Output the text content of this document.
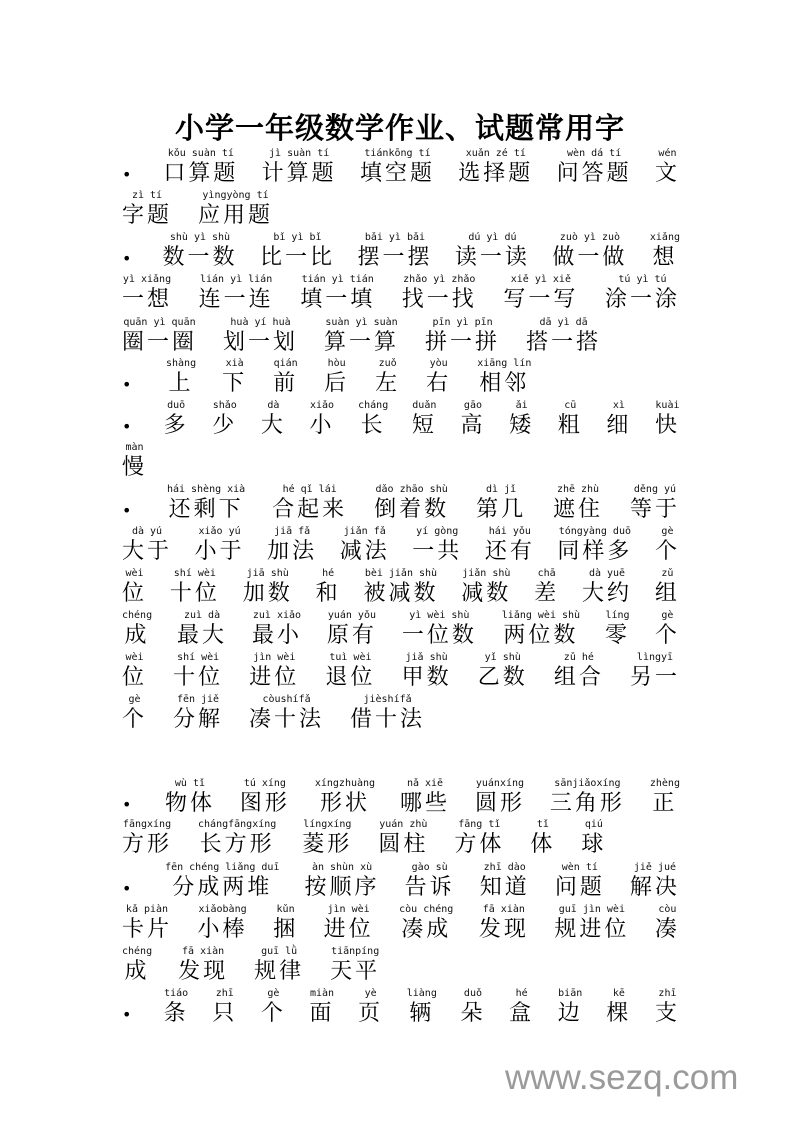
小学一年级数学作业、试题常用字
•
kǒu suàn tí
口算题
jì suàn tí
计算题
tiánkōng tí
填空题
xuǎn zé tí
选择题
wèn dá tí
问答题
wén
文
zì tí
字题
yìngyòng tí
应用题
•
shù yì shù
数一数
bǐ yì bǐ
比一比
bǎi yì bǎi
摆一摆
dú yì dú
读一读
zuò yì zuò
做一做
xiǎng
想
yì xiǎng
一想
lián yì lián
连一连
tián yì tián
填一填
zhǎo yì zhǎo
找一找
xiě yì xiě
写一写
tú yì tú
涂一涂
quān yì quān
圈一圈
huà yí huà
划一划
suàn yì suàn
算一算
pīn yì pīn
拼一拼
dā yì dā
搭一搭
•
shàng
上
xià
下
qián
前
hòu
后
zuǒ
左
yòu
右
xiāng lín
相邻
•
duō
多
shǎo
少
dà
大
xiǎo
小
cháng
长
duǎn
短
gāo
高
ǎi
矮
cū
粗
xì
细
kuài
快
màn
慢
•
hái shèng xià
还剩下
hé qǐ lái
合起来
dǎo zhāo shù
倒着数
dì jǐ
第几
zhē zhù
遮住
děng yú
等于
dà yú
大于
xiǎo yú
小于
jiā fǎ
加法
jiǎn fǎ
减法
yí gòng
一共
hái yǒu
还有
tóngyàng duō
同样多
gè
个
wèi
位
shí wèi
十位
jiā shù
加数
hé
和
bèi jiǎn shù
被减数
jiǎn shù
减数
chā
差
dà yuē
大约
zǔ
组
chéng
成
zuì dà
最大
zuì xiǎo
最小
yuán yǒu
原有
yì wèi shù
一位数
liǎng wèi shù
两位数
líng
零
gè
个
wèi
位
shí wèi
十位
jìn wèi
进位
tuì wèi
退位
jiǎ shù
甲数
yǐ shù
乙数
zǔ hé
组合
lìngyī
另一
gè
个
fēn jiě
分解
còushífǎ
凑十法
jièshífǎ
借十法
•
wù tǐ
物体
tú xíng
图形
xíngzhuàng
形状
nǎ xiē
哪些
yuánxíng
圆形
sānjiǎoxíng
三角形
zhèng
正
fāngxíng
方形
chángfāngxíng
长方形
língxíng
菱形
yuán zhù
圆柱
fāng tǐ
方体
tǐ
体
qiú
球
•
fēn chéng liǎng duī
分成两堆
àn shùn xù
按顺序
gào sù
告诉
zhī dào
知道
wèn tí
问题
jiě jué
解决
kǎ piàn
卡片
xiǎobàng
小棒
kǔn
捆
jìn wèi
进位
còu chéng
凑成
fā xiàn
发现
guī jìn wèi
规进位
còu
凑
chéng
成
fā xiàn
发现
guī lǜ
规律
tiānpíng
天平
•
tiáo
条
zhī
只
gè
个
miàn
面
yè
页
liàng
辆
duǒ
朵
hé
盒
biān
边
kē
棵
zhī
支
www.sezq.com
